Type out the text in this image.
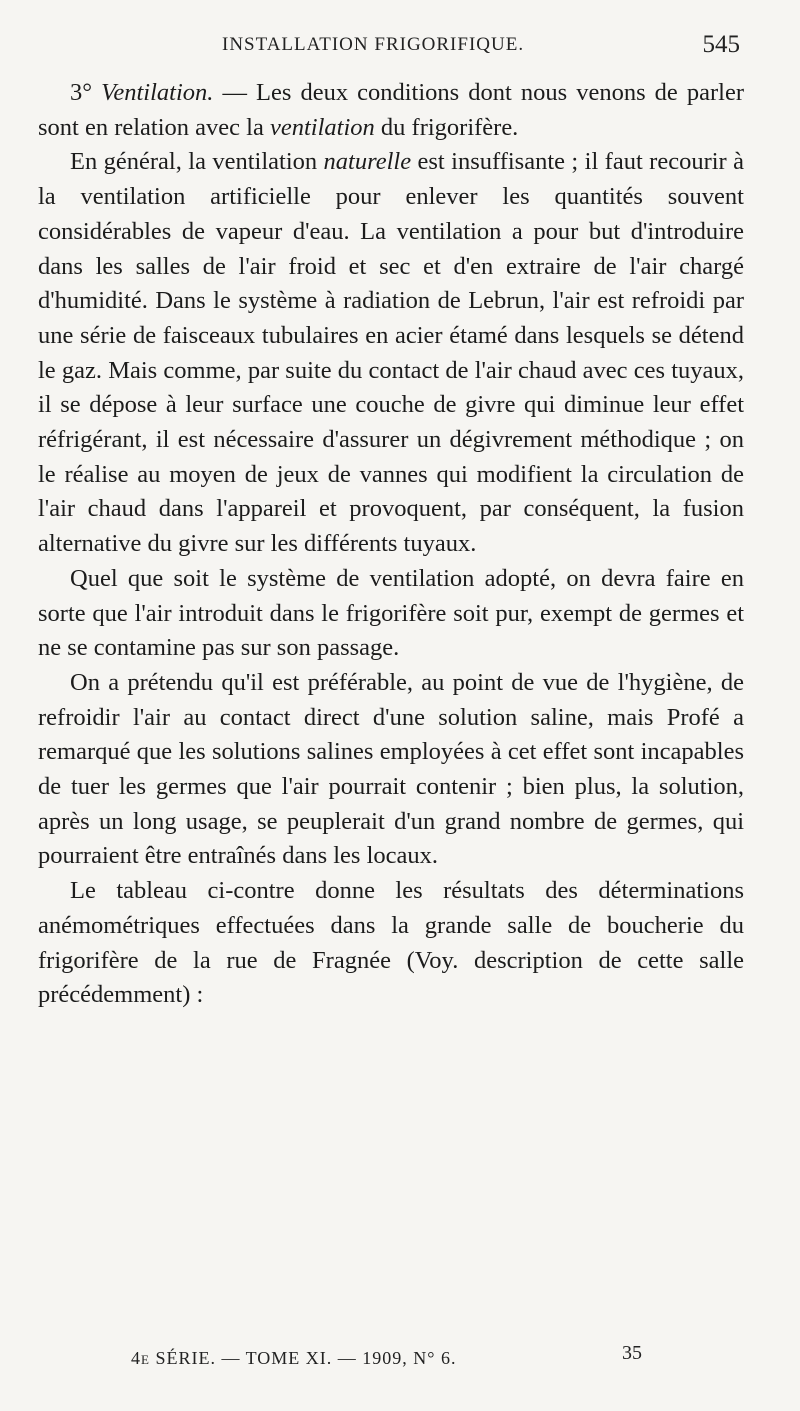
INSTALLATION FRIGORIFIQUE.	545

3° Ventilation. — Les deux conditions dont nous venons de parler sont en relation avec la ventilation du frigorifère.

En général, la ventilation naturelle est insuffisante ; il faut recourir à la ventilation artificielle pour enlever les quantités souvent considérables de vapeur d'eau. La ventilation a pour but d'introduire dans les salles de l'air froid et sec et d'en extraire de l'air chargé d'humidité. Dans le système à radiation de Lebrun, l'air est refroidi par une série de faisceaux tubulaires en acier étamé dans lesquels se détend le gaz. Mais comme, par suite du contact de l'air chaud avec ces tuyaux, il se dépose à leur surface une couche de givre qui diminue leur effet réfrigérant, il est nécessaire d'assurer un dégivrement méthodique ; on le réalise au moyen de jeux de vannes qui modifient la circulation de l'air chaud dans l'appareil et provoquent, par conséquent, la fusion alternative du givre sur les différents tuyaux.

Quel que soit le système de ventilation adopté, on devra faire en sorte que l'air introduit dans le frigorifère soit pur, exempt de germes et ne se contamine pas sur son passage.

On a prétendu qu'il est préférable, au point de vue de l'hygiène, de refroidir l'air au contact direct d'une solution saline, mais Profé a remarqué que les solutions salines employées à cet effet sont incapables de tuer les germes que l'air pourrait contenir ; bien plus, la solution, après un long usage, se peuplerait d'un grand nombre de germes, qui pourraient être entraînés dans les locaux.

Le tableau ci-contre donne les résultats des déterminations anémométriques effectuées dans la grande salle de boucherie du frigorifère de la rue de Fragnée (Voy. description de cette salle précédemment) :

4e SÉRIE. — TOME XI. — 1909, N° 6.	35
